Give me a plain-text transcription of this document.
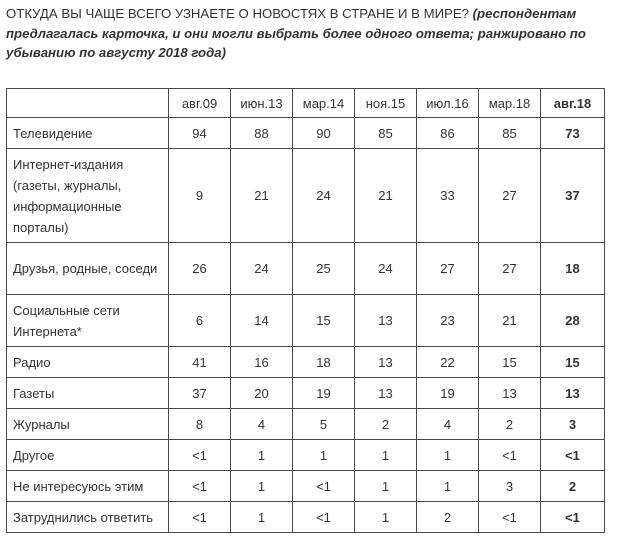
ОТКУДА ВЫ ЧАЩЕ ВСЕГО УЗНАЕТЕ О НОВОСТЯХ В СТРАНЕ И В МИРЕ? (респондентам предлагалась карточка, и они могли выбрать более одного ответа; ранжировано по убыванию по августу 2018 года)
	авг.09	июн.13	мар.14	ноя.15	июл.16	мар.18	авг.18
Телевидение	94	88	90	85	86	85	73
Интернет-издания (газеты, журналы, информационные порталы)	9	21	24	21	33	27	37
Друзья, родные, соседи	26	24	25	24	27	27	18
Социальные сети Интернета*	6	14	15	13	23	21	28
Радио	41	16	18	13	22	15	15
Газеты	37	20	19	13	19	13	13
Журналы	8	4	5	2	4	2	3
Другое	<1	1	1	1	1	<1	<1
Не интересуюсь этим	<1	1	<1	1	1	3	2
Затруднились ответить	<1	1	<1	1	2	<1	<1
